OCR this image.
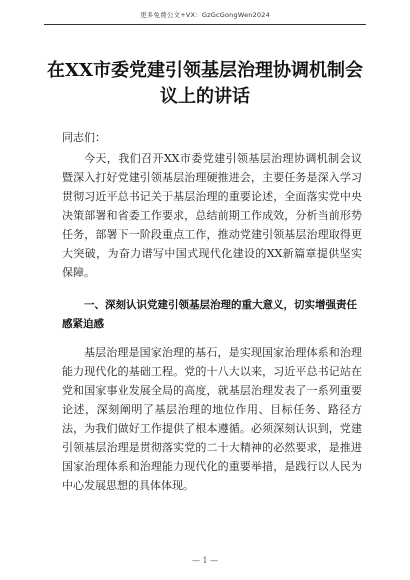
更多免费公文+VX：GzGcGongWen2024
在XX市委党建引领基层治理协调机制会议上的讲话
同志们：

今天，我们召开XX市委党建引领基层治理协调机制会议暨深入打好党建引领基层治理硬推进会，主要任务是深入学习贯彻习近平总书记关于基层治理的重要论述，全面落实党中央决策部署和省委工作要求，总结前期工作成效，分析当前形势任务，部署下一阶段重点工作，推动党建引领基层治理取得更大突破，为奋力谱写中国式现代化建设的XX新篇章提供坚实保障。

一、深刻认识党建引领基层治理的重大意义，切实增强责任感紧迫感

基层治理是国家治理的基石，是实现国家治理体系和治理能力现代化的基础工程。党的十八大以来，习近平总书记站在党和国家事业发展全局的高度，就基层治理发表了一系列重要论述，深刻阐明了基层治理的地位作用、目标任务、路径方法，为我们做好工作提供了根本遵循。必须深刻认识到，党建引领基层治理是贯彻落实党的二十大精神的必然要求，是推进国家治理体系和治理能力现代化的重要举措，是践行以人民为中心发展思想的具体体现。

— 1 —
